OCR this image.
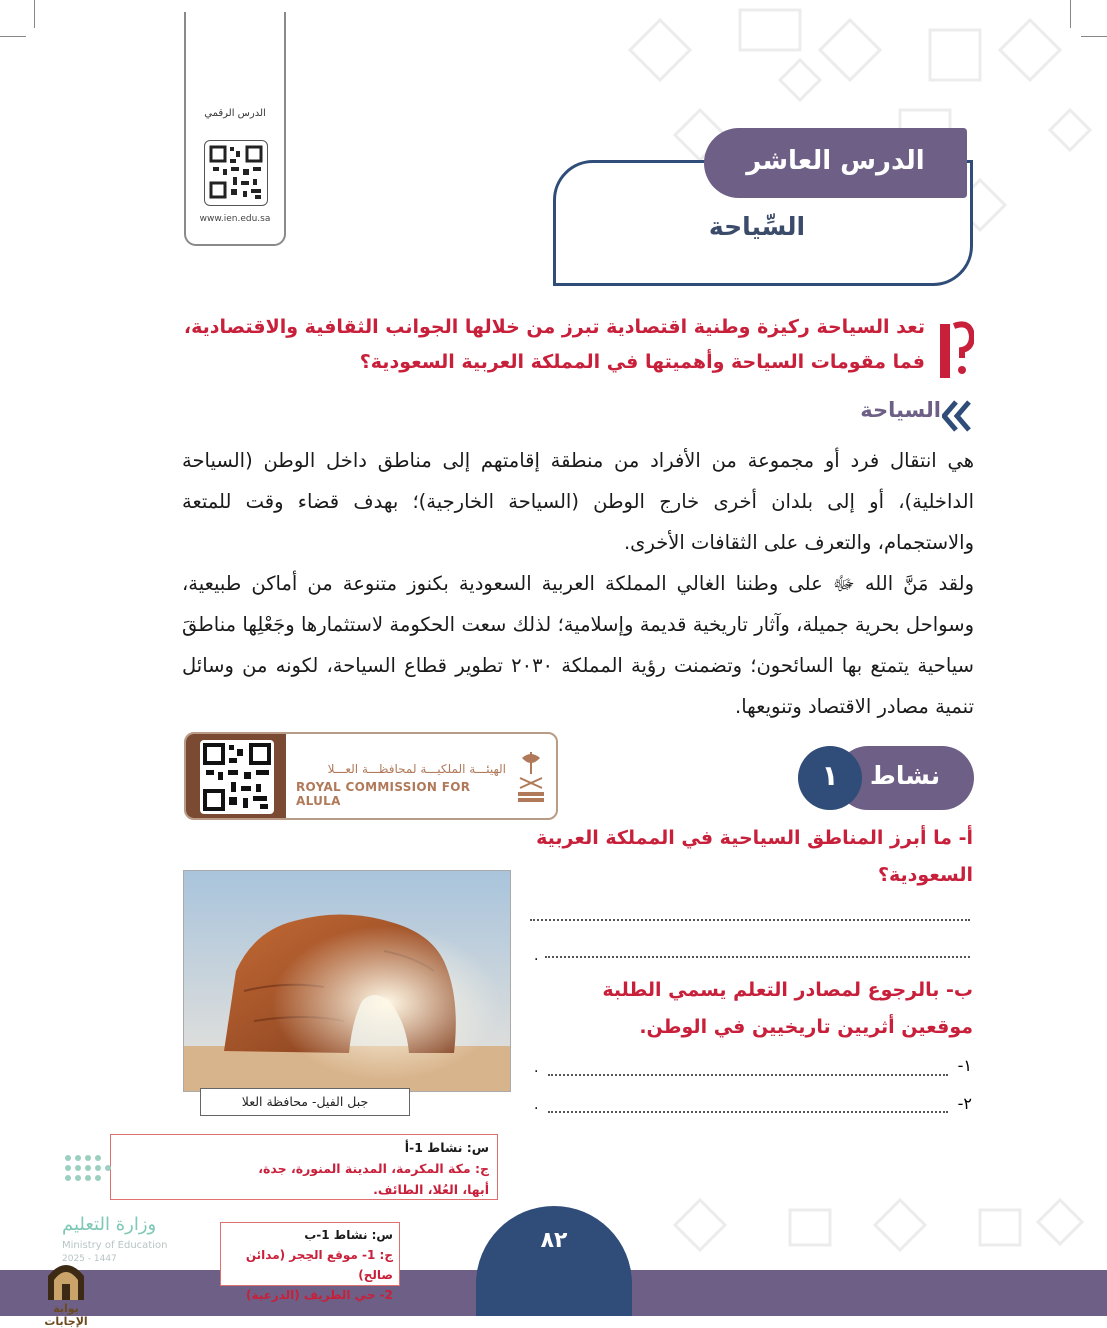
الدرس الرقمي
www.ien.edu.sa
الدرس العاشر
السِّياحة
تعد السياحة ركيزة وطنية اقتصادية تبرز من خلالها الجوانب الثقافية والاقتصادية،
فما مقومات السياحة وأهميتها في المملكة العربية السعودية؟
السياحة

هي انتقال فرد أو مجموعة من الأفراد من منطقة إقامتهم إلى مناطق داخل الوطن (السياحة الداخلية)، أو إلى بلدان أخرى خارج الوطن (السياحة الخارجية)؛ بهدف قضاء وقت للمتعة والاستجمام، والتعرف على الثقافات الأخرى.

ولقد مَنَّ الله ﷻ على وطننا الغالي المملكة العربية السعودية بكنوز متنوعة من أماكن طبيعية، وسواحل بحرية جميلة، وآثار تاريخية قديمة وإسلامية؛ لذلك سعت الحكومة لاستثمارها وجَعْلِها مناطقَ سياحية يتمتع بها السائحون؛ وتضمنت رؤية المملكة ٢٠٣٠ تطوير قطاع السياحة، لكونه من وسائل تنمية مصادر الاقتصاد وتنويعها.

الهيئـــة الملكيـــة لمحافظـــة العـــلا
ROYAL COMMISSION FOR ALULA
نشاط
١
أ- ما أبرز المناطق السياحية في المملكة العربية السعودية؟
.
ب- بالرجوع لمصادر التعلم يسمي الطلبة موقعين أثريين تاريخيين في الوطن.
١-
.
٢-
.
جبل الفيل- محافظة العلا
س: نشاط 1-أ
ج: مكة المكرمة، المدينة المنورة، جدة،
أبها، العُلا، الطائف.
٨٢
س: نشاط 1-ب
ج: 1- موقع الحِجر (مدائن صالح)
2- حي الطريف (الدرعية)
وزارة التعليم
Ministry of Education
2025 - 1447
بوابة الإجابات
